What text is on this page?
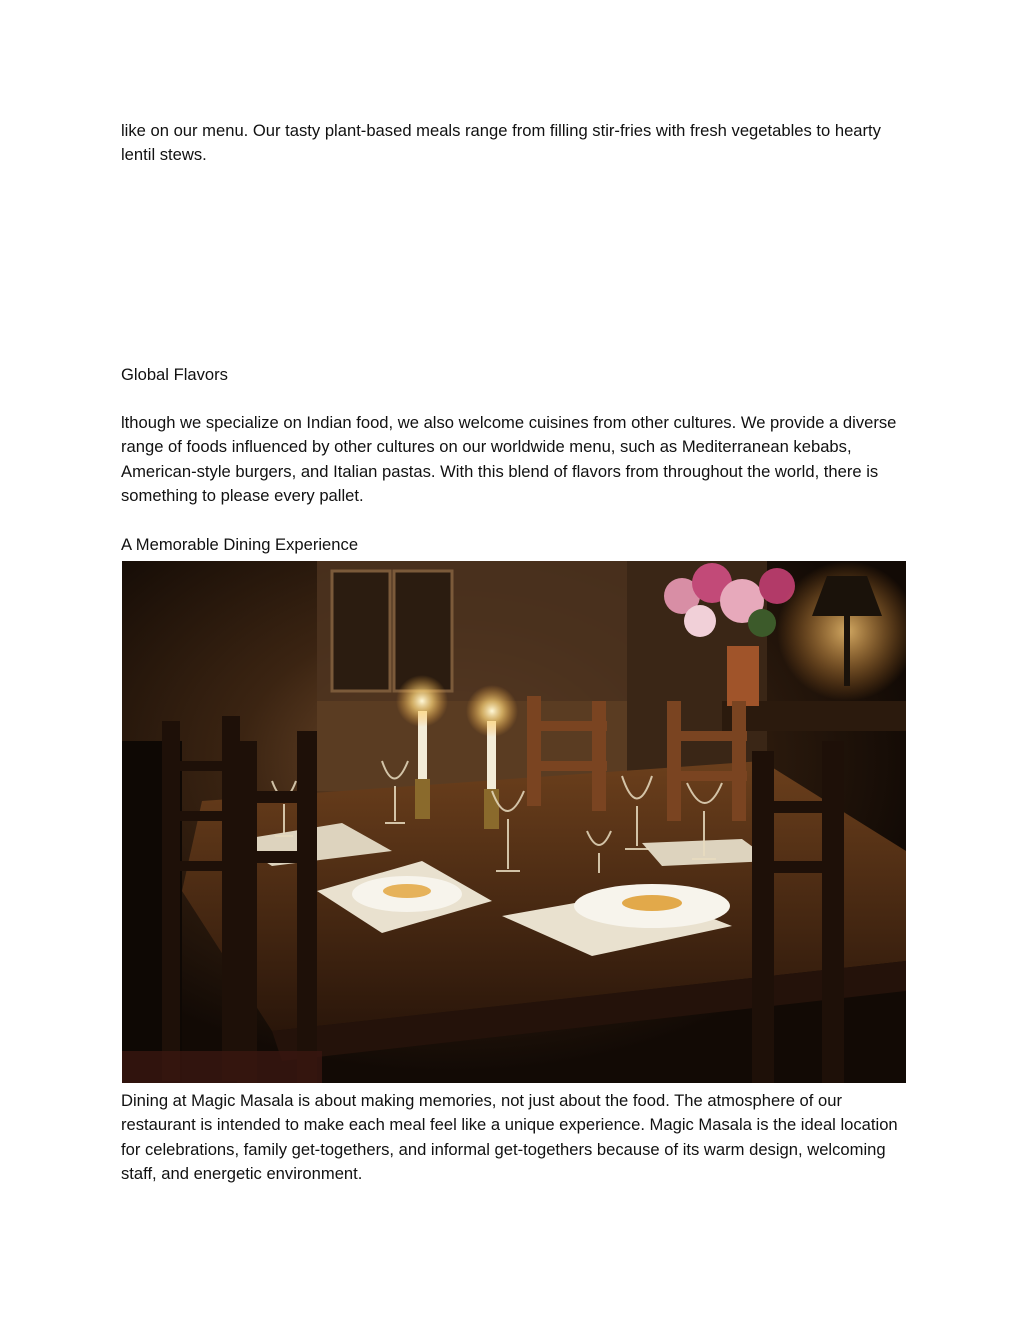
like on our menu. Our tasty plant-based meals range from filling stir-fries with fresh vegetables to hearty lentil stews.

Global Flavors

lthough we specialize on Indian food, we also welcome cuisines from other cultures. We provide a diverse range of foods influenced by other cultures on our worldwide menu, such as Mediterranean kebabs, American-style burgers, and Italian pastas. With this blend of flavors from throughout the world, there is something to please every pallet.

A Memorable Dining Experience

Dining at Magic Masala is about making memories, not just about the food. The atmosphere of our restaurant is intended to make each meal feel like a unique experience. Magic Masala is the ideal location for celebrations, family get-togethers, and informal get-togethers because of its warm design, welcoming staff, and energetic environment.
